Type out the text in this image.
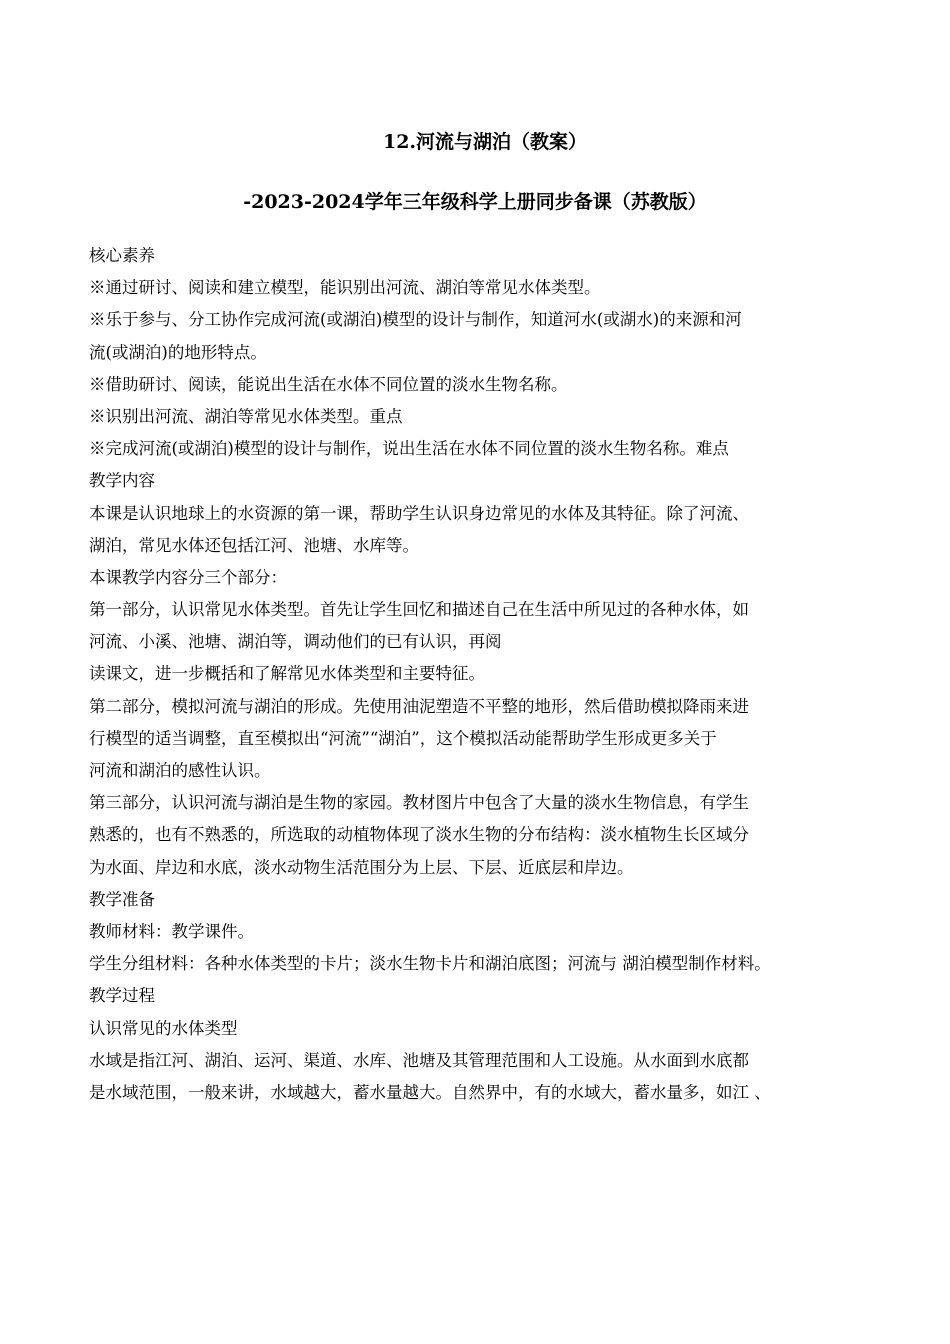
12.河流与湖泊（教案）
-2023-2024学年三年级科学上册同步备课（苏教版）
核心素养
※通过研讨、阅读和建立模型，能识别出河流、湖泊等常见水体类型。
※乐于参与、分工协作完成河流(或湖泊)模型的设计与制作，知道河水(或湖水)的来源和河
流(或湖泊)的地形特点。
※借助研讨、阅读，能说出生活在水体不同位置的淡水生物名称。
※识别出河流、湖泊等常见水体类型。重点
※完成河流(或湖泊)模型的设计与制作，说出生活在水体不同位置的淡水生物名称。难点
教学内容
本课是认识地球上的水资源的第一课，帮助学生认识身边常见的水体及其特征。除了河流、
湖泊，常见水体还包括江河、池塘、水库等。
本课教学内容分三个部分：
第一部分，认识常见水体类型。首先让学生回忆和描述自己在生活中所见过的各种水体，如
河流、小溪、池塘、湖泊等，调动他们的已有认识，再阅
读课文，进一步概括和了解常见水体类型和主要特征。
第二部分，模拟河流与湖泊的形成。先使用油泥塑造不平整的地形，然后借助模拟降雨来进
行模型的适当调整，直至模拟出“河流”“湖泊”，这个模拟活动能帮助学生形成更多关于
河流和湖泊的感性认识。
第三部分，认识河流与湖泊是生物的家园。教材图片中包含了大量的淡水生物信息，有学生
熟悉的，也有不熟悉的，所选取的动植物体现了淡水生物的分布结构：淡水植物生长区域分
为水面、岸边和水底，淡水动物生活范围分为上层、下层、近底层和岸边。
教学准备
教师材料：教学课件。
学生分组材料：各种水体类型的卡片；淡水生物卡片和湖泊底图；河流与 湖泊模型制作材料。
教学过程
认识常见的水体类型
水域是指江河、湖泊、运河、渠道、水库、池塘及其管理范围和人工设施。从水面到水底都
是水域范围，一般来讲，水域越大，蓄水量越大。自然界中，有的水域大，蓄水量多，如江 、
